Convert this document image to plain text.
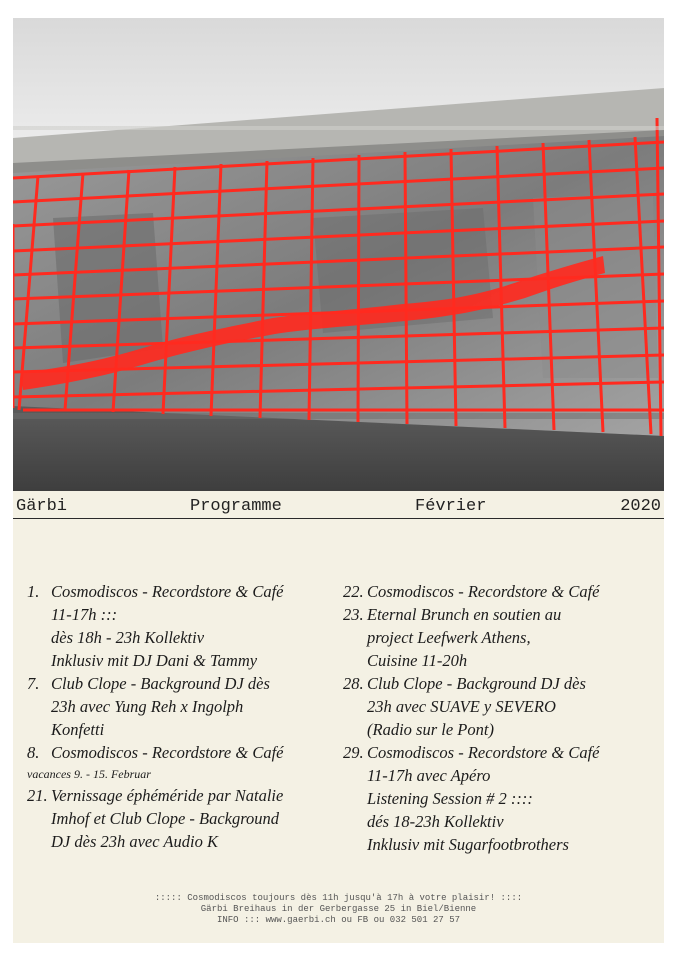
Gärbi	Programme	Février	2020
1. Cosmodiscos - Recordstore & Café
11-17h :::
dès 18h - 23h Kollektiv
Inklusiv mit DJ Dani & Tammy
7. Club Clope - Background DJ dès
23h avec Yung Reh x Ingolph
Konfetti
8. Cosmodiscos - Recordstore & Café
vacances 9. - 15. Februar
21. Vernissage éphéméride par Natalie
Imhof et Club Clope - Background
DJ dès 23h avec Audio K
22. Cosmodiscos - Recordstore & Café
23. Eternal Brunch en soutien au
project Leefwerk Athens,
Cuisine 11-20h
28. Club Clope - Background DJ dès
23h avec SUAVE y SEVERO
(Radio sur le Pont)
29. Cosmodiscos - Recordstore & Café
11-17h avec Apéro
Listening Session # 2 ::::
dés 18-23h Kollektiv
Inklusiv mit Sugarfootbrothers
::::: Cosmodiscos toujours dès 11h jusqu'à 17h à votre plaisir! ::::
Gärbi Breihaus in der Gerbergasse 25 in Biel/Bienne
INFO ::: www.gaerbi.ch ou FB ou 032 501 27 57
